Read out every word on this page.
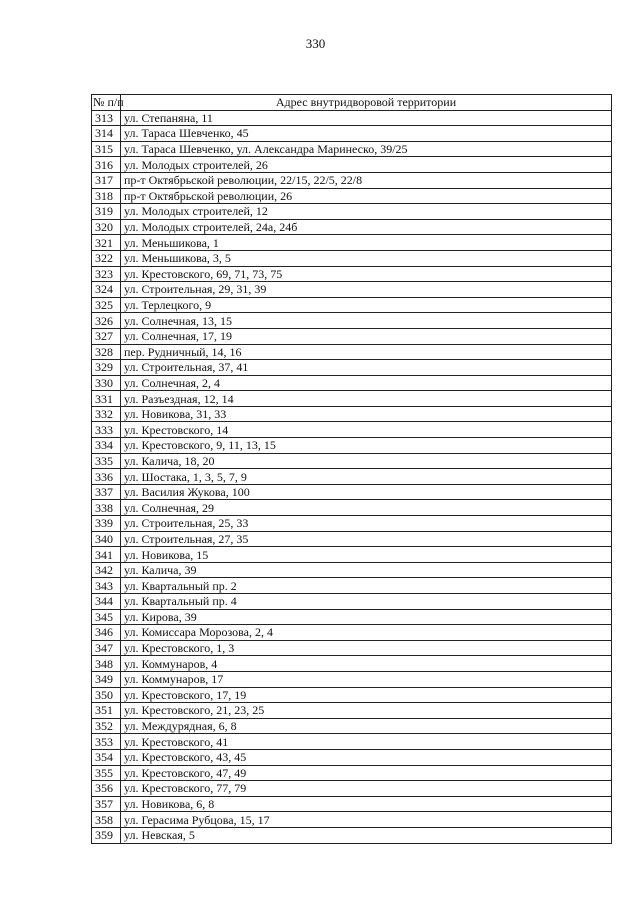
330
№ п/п	Адрес внутридворовой территории
313	ул. Степаняна, 11
314	ул. Тараса Шевченко, 45
315	ул. Тараса Шевченко, ул. Александра Маринеско, 39/25
316	ул. Молодых строителей, 26
317	пр-т Октябрьской революции, 22/15, 22/5, 22/8
318	пр-т Октябрьской революции, 26
319	ул. Молодых строителей, 12
320	ул. Молодых строителей, 24а, 24б
321	ул. Меньшикова, 1
322	ул. Меньшикова, 3, 5
323	ул. Крестовского, 69, 71, 73, 75
324	ул. Строительная, 29, 31, 39
325	ул. Терлецкого, 9
326	ул. Солнечная, 13, 15
327	ул. Солнечная, 17, 19
328	пер. Рудничный, 14, 16
329	ул. Строительная, 37, 41
330	ул. Солнечная, 2, 4
331	ул. Разъездная, 12, 14
332	ул. Новикова, 31, 33
333	ул. Крестовского, 14
334	ул. Крестовского, 9, 11, 13, 15
335	ул. Калича, 18, 20
336	ул. Шостака, 1, 3, 5, 7, 9
337	ул. Василия Жукова, 100
338	ул. Солнечная, 29
339	ул. Строительная, 25, 33
340	ул. Строительная, 27, 35
341	ул. Новикова, 15
342	ул. Калича, 39
343	ул. Квартальный пр. 2
344	ул. Квартальный пр. 4
345	ул. Кирова, 39
346	ул. Комиссара Морозова, 2, 4
347	ул. Крестовского, 1, 3
348	ул. Коммунаров, 4
349	ул. Коммунаров, 17
350	ул. Крестовского, 17, 19
351	ул. Крестовского, 21, 23, 25
352	ул. Междурядная, 6, 8
353	ул. Крестовского, 41
354	ул. Крестовского, 43, 45
355	ул. Крестовского, 47, 49
356	ул. Крестовского, 77, 79
357	ул. Новикова, 6, 8
358	ул. Герасима Рубцова, 15, 17
359	ул. Невская, 5
